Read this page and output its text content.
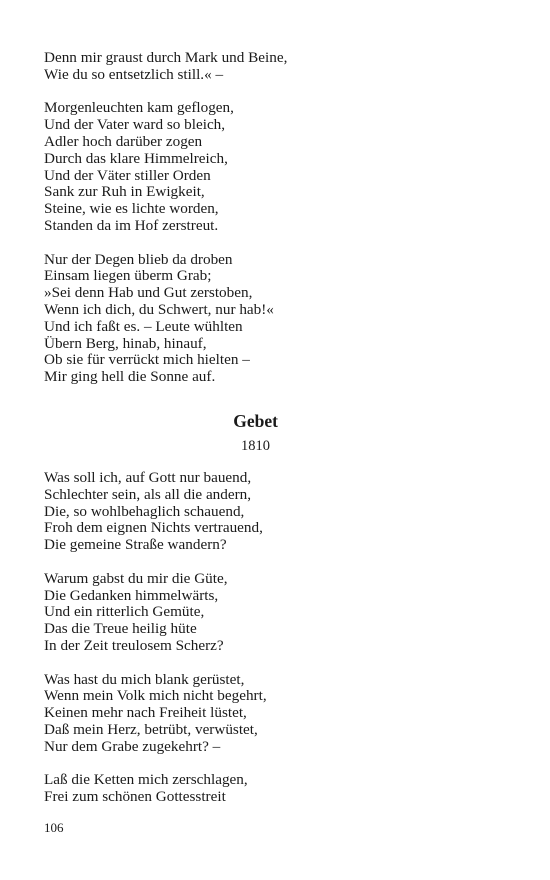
Denn mir graust durch Mark und Beine,
Wie du so entsetzlich still.« –
Morgenleuchten kam geflogen,
Und der Vater ward so bleich,
Adler hoch darüber zogen
Durch das klare Himmelreich,
Und der Väter stiller Orden
Sank zur Ruh in Ewigkeit,
Steine, wie es lichte worden,
Standen da im Hof zerstreut.
Nur der Degen blieb da droben
Einsam liegen überm Grab;
»Sei denn Hab und Gut zerstoben,
Wenn ich dich, du Schwert, nur hab!«
Und ich faßt es. – Leute wühlten
Übern Berg, hinab, hinauf,
Ob sie für verrückt mich hielten –
Mir ging hell die Sonne auf.
Gebet
1810
Was soll ich, auf Gott nur bauend,
Schlechter sein, als all die andern,
Die, so wohlbehaglich schauend,
Froh dem eignen Nichts vertrauend,
Die gemeine Straße wandern?
Warum gabst du mir die Güte,
Die Gedanken himmelwärts,
Und ein ritterlich Gemüte,
Das die Treue heilig hüte
In der Zeit treulosem Scherz?
Was hast du mich blank gerüstet,
Wenn mein Volk mich nicht begehrt,
Keinen mehr nach Freiheit lüstet,
Daß mein Herz, betrübt, verwüstet,
Nur dem Grabe zugekehrt? –
Laß die Ketten mich zerschlagen,
Frei zum schönen Gottesstreit
106
